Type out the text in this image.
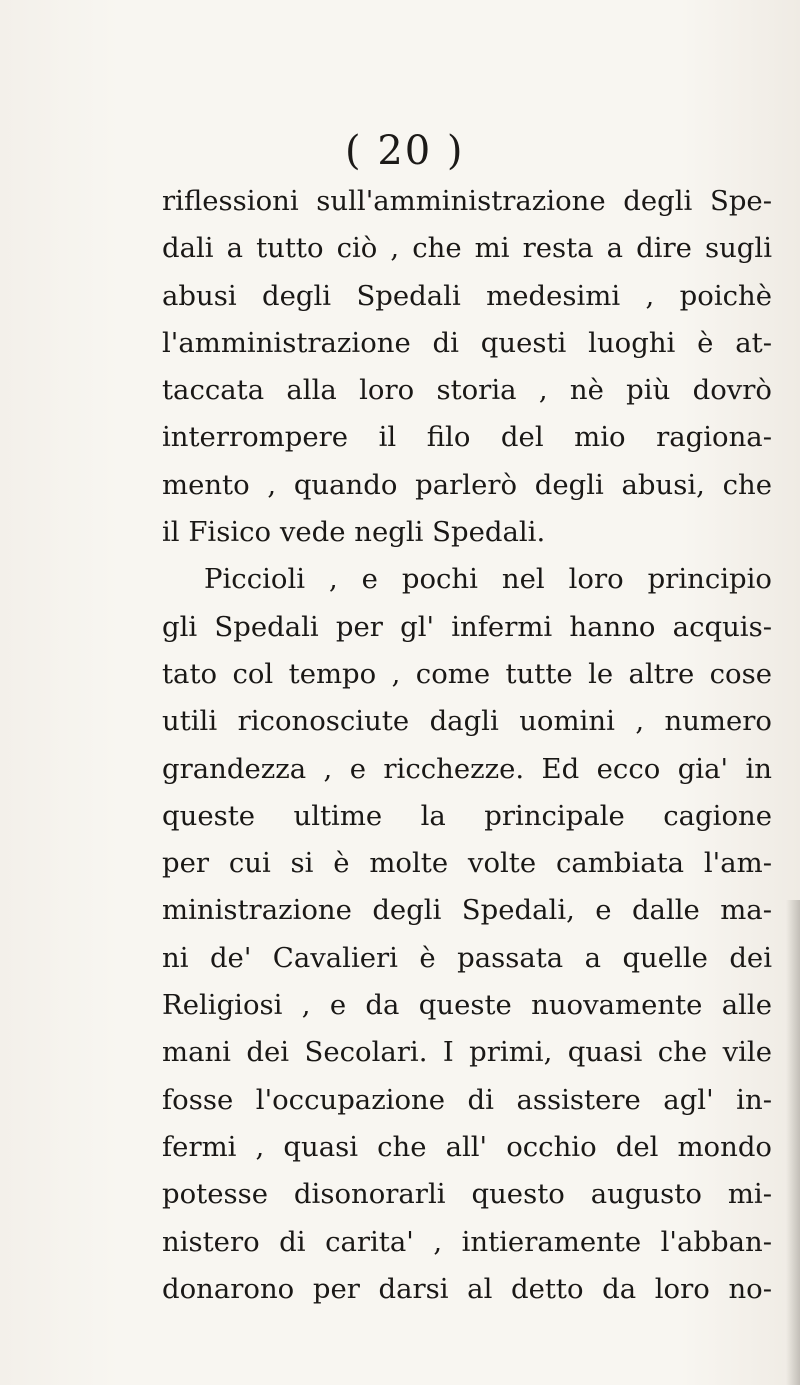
( 20 )
riflessioni sull'amministrazione degli Spe-
dali a tutto ciò , che mi resta a dire sugli
abusi degli Spedali medesimi , poichè
l'amministrazione di questi luoghi è at-
taccata alla loro storia , nè più dovrò
interrompere il filo del mio ragiona-
mento , quando parlerò degli abusi, che
il Fisico vede negli Spedali.
Piccioli , e pochi nel loro principio
gli Spedali per gl' infermi hanno acquis-
tato col tempo , come tutte le altre cose
utili riconosciute dagli uomini , numero
grandezza , e ricchezze. Ed ecco gia' in
queste ultime la principale cagione
per cui si è molte volte cambiata l'am-
ministrazione degli Spedali, e dalle ma-
ni de' Cavalieri è passata a quelle dei
Religiosi , e da queste nuovamente alle
mani dei Secolari. I primi, quasi che vile
fosse l'occupazione di assistere agl' in-
fermi , quasi che all' occhio del mondo
potesse disonorarli questo augusto mi-
nistero di carita' , intieramente l'abban-
donarono per darsi al detto da loro no-
